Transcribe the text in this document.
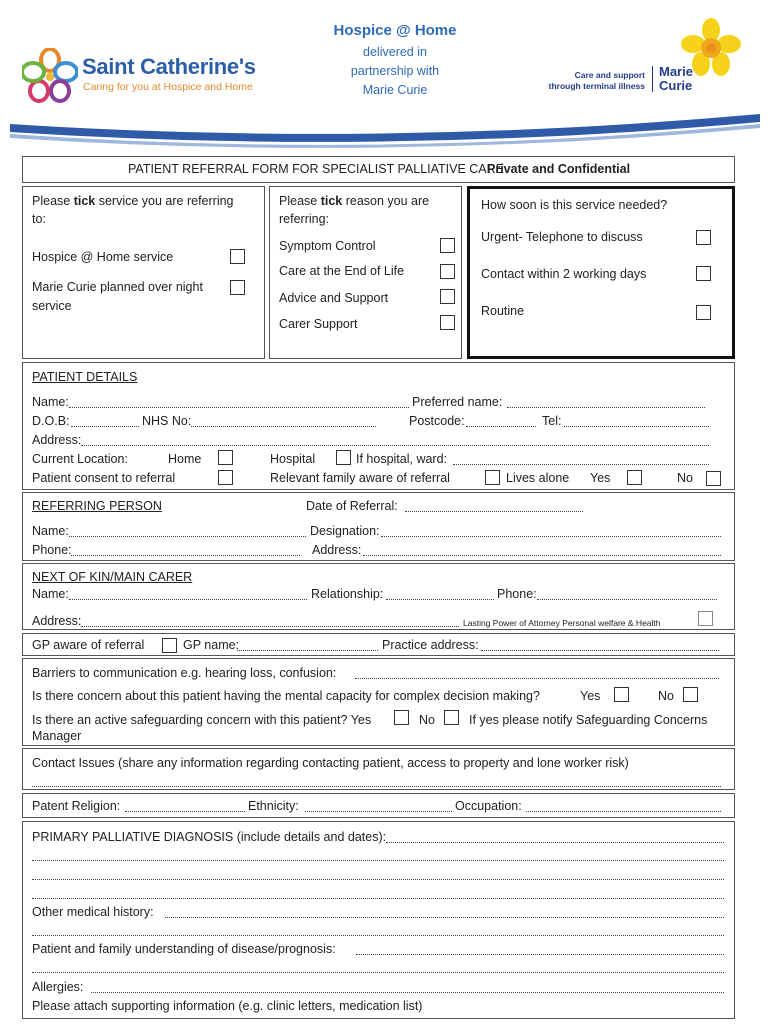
Saint Catherine's
Caring for you at Hospice and Home
Hospice @ Home
delivered in
partnership with
Marie Curie
Care and support
through terminal illness
Marie
Curie
PATIENT REFERRAL FORM FOR SPECIALIST PALLIATIVE CARE
Private and Confidential
Please tick service you are referring
to:
Hospice @ Home service
Marie Curie planned over night
service
Please tick reason you are
referring:
Symptom Control
Care at the End of Life
Advice and Support
Carer Support
How soon is this service needed?
Urgent- Telephone to discuss
Contact within 2 working days
Routine
PATIENT DETAILS
Name:	Preferred name:
D.O.B:	NHS No:	Postcode:	Tel:
Address:
Current Location:	Home	Hospital	If hospital, ward:
Patient consent to referral	Relevant family aware of referral	Lives alone Yes	No
REFERRING PERSON	Date of Referral:
Name:	Designation:
Phone:	Address:
NEXT OF KIN/MAIN CARER
Name:	Relationship:	Phone:
Address:	Lasting Power of Attorney Personal welfare & Health
GP aware of referral	GP name:	Practice address:
Barriers to communication e.g. hearing loss, confusion:
Is there concern about this patient having the mental capacity for complex decision making?	Yes	No
Is there an active safeguarding concern with this patient? Yes	No	If yes please notify Safeguarding Concerns
Manager
Contact Issues (share any information regarding contacting patient, access to property and lone worker risk)
Patent Religion:	Ethnicity:	Occupation:
PRIMARY PALLIATIVE DIAGNOSIS (include details and dates):
Other medical history:
Patient and family understanding of disease/prognosis:
Allergies:
Please attach supporting information (e.g. clinic letters, medication list)
